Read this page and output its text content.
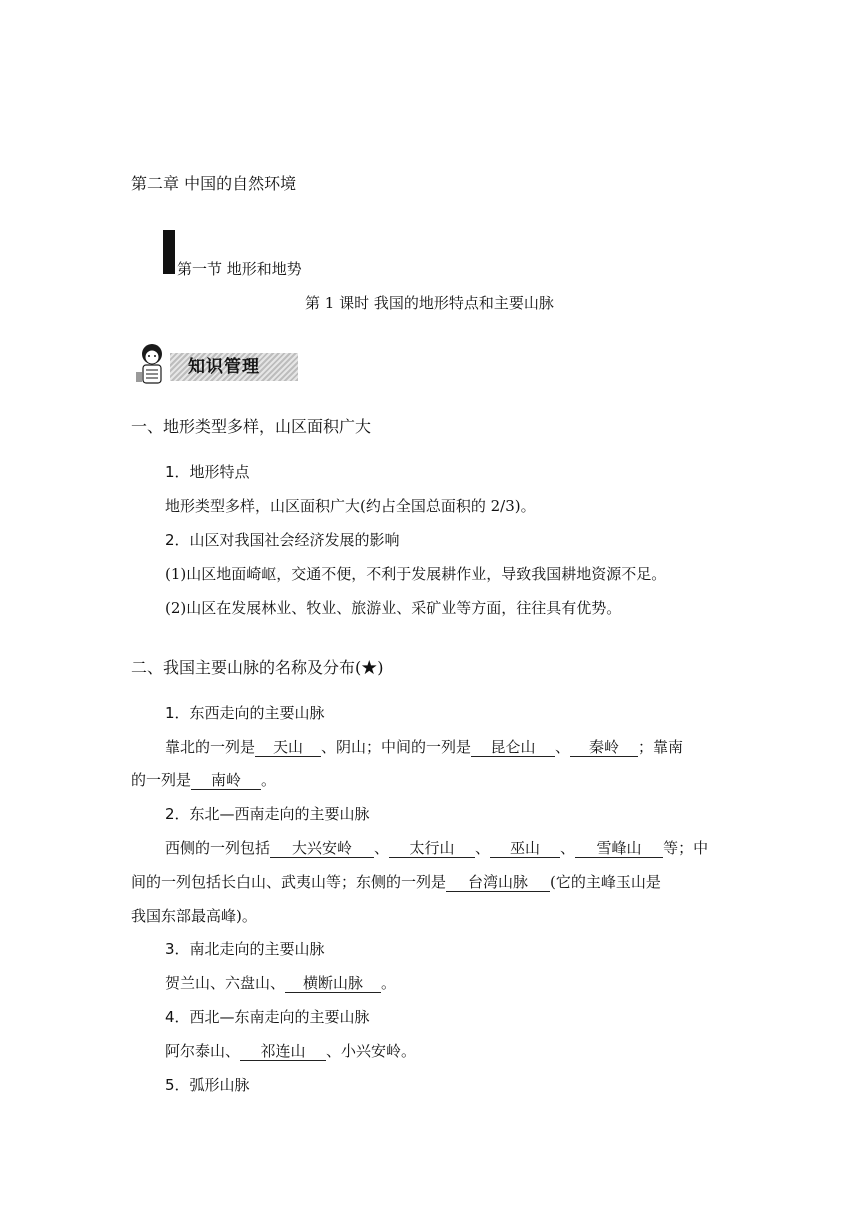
第二章 中国的自然环境
第一节 地形和地势
第 1 课时 我国的地形特点和主要山脉
知识管理
一、地形类型多样，山区面积广大
1．地形特点
地形类型多样，山区面积广大(约占全国总面积的 2/3)。
2．山区对我国社会经济发展的影响
(1)山区地面崎岖，交通不便，不利于发展耕作业，导致我国耕地资源不足。
(2)山区在发展林业、牧业、旅游业、采矿业等方面，往往具有优势。
二、我国主要山脉的名称及分布(★)
1．东西走向的主要山脉
靠北的一列是 天山 、阴山；中间的一列是 昆仑山 、 秦岭 ；靠南
的一列是 南岭 。
2．东北—西南走向的主要山脉
西侧的一列包括 大兴安岭 、 太行山 、 巫山 、 雪峰山 等；中
间的一列包括长白山、武夷山等；东侧的一列是 台湾山脉 (它的主峰玉山是
我国东部最高峰)。
3．南北走向的主要山脉
贺兰山、六盘山、 横断山脉 。
4．西北—东南走向的主要山脉
阿尔泰山、 祁连山 、小兴安岭。
5．弧形山脉
